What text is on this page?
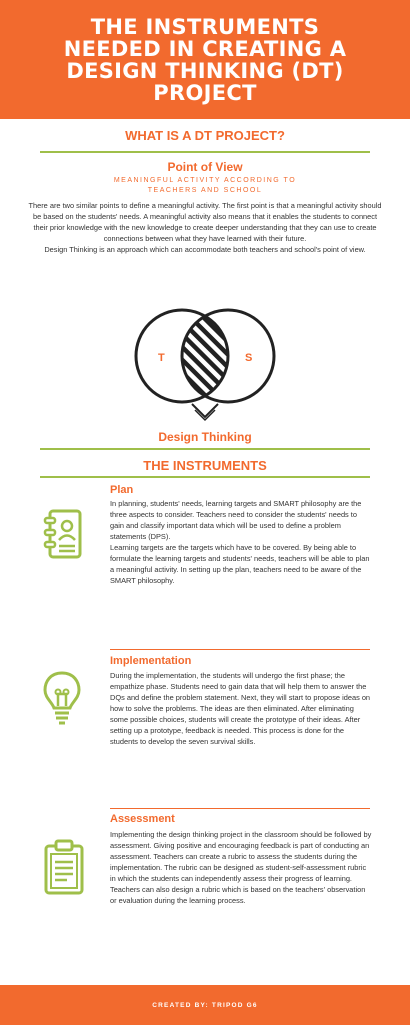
THE INSTRUMENTS
NEEDED IN CREATING A
DESIGN THINKING (DT)
PROJECT
WHAT IS A DT PROJECT?
Point of View
MEANINGFUL ACTIVITY ACCORDING TO
TEACHERS AND SCHOOL

There are two similar points to define a meaningful activity. The first point is that a meaningful activity should be based on the students' needs. A meaningful activity also means that it enables the students to connect their prior knowledge with the new knowledge to create deeper understanding that they can use to create connections between what they have learned with their future.

Design Thinking is an approach which can accommodate both teachers and school's point of view.

T	S
Design Thinking
THE INSTRUMENTS
Plan

In planning, students' needs, learning targets and SMART philosophy are the three aspects to consider. Teachers need to consider the students' needs to gain and classify important data which will be used to define a problem statements (DPS).

Learning targets are the targets which have to be covered. By being able to formulate the learning targets and students' needs, teachers will be able to plan a meaningful activity. In setting up the plan, teachers need to be aware of the SMART philosophy.

Implementation

During the implementation, the students will undergo the first phase; the empathize phase. Students need to gain data that will help them to answer the DQs and define the problem statement. Next, they will start to propose ideas on how to solve the problems. The ideas are then eliminated. After eliminating some possible choices, students will create the prototype of their ideas. After setting up a prototype, feedback is needed. This process is done for the students to develop the seven survival skills.

Assessment

Implementing the design thinking project in the classroom should be followed by assessment. Giving positive and encouraging feedback is part of conducting an assessment. Teachers can create a rubric to assess the students during the implementation. The rubric can be designed as student-self-assessment rubric in which the students can independently assess their progress of learning. Teachers can also design a rubric which is based on the teachers' observation or evaluation during the learning process.

CREATED BY: TRIPOD G6
